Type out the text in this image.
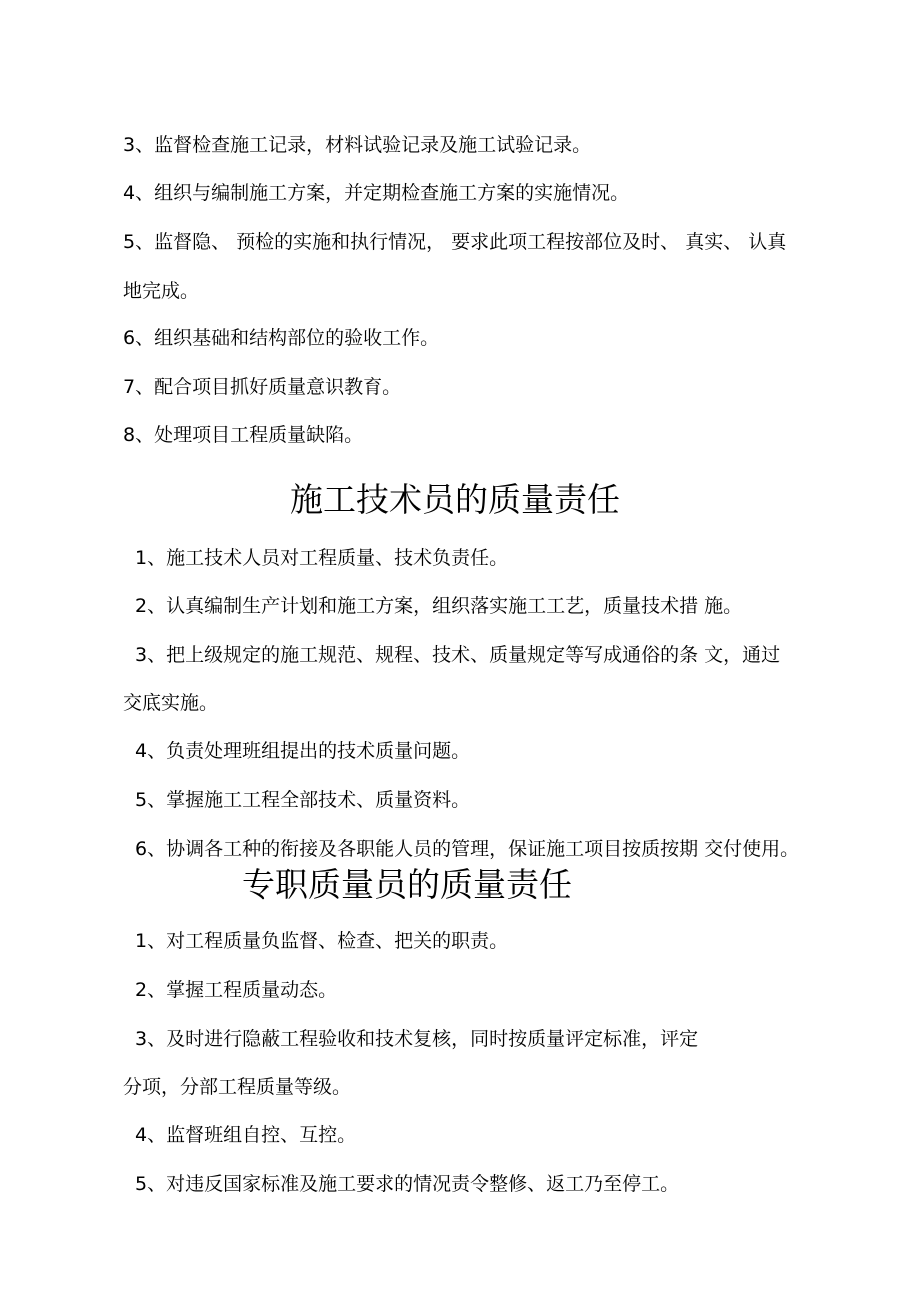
3、监督检查施工记录，材料试验记录及施工试验记录。
4、组织与编制施工方案，并定期检查施工方案的实施情况。
5、监督隐、 预检的实施和执行情况， 要求此项工程按部位及时、 真实、 认真
地完成。
6、组织基础和结构部位的验收工作。
7、配合项目抓好质量意识教育。
8、处理项目工程质量缺陷。
施工技术员的质量责任
1、施工技术人员对工程质量、技术负责任。
2、认真编制生产计划和施工方案，组织落实施工工艺，质量技术措 施。
3、把上级规定的施工规范、规程、技术、质量规定等写成通俗的条 文，通过
交底实施。
4、负责处理班组提出的技术质量问题。
5、掌握施工工程全部技术、质量资料。
6、协调各工种的衔接及各职能人员的管理，保证施工项目按质按期 交付使用。
专职质量员的质量责任
1、对工程质量负监督、检查、把关的职责。
2、掌握工程质量动态。
3、及时进行隐蔽工程验收和技术复核，同时按质量评定标准，评定
分项，分部工程质量等级。
4、监督班组自控、互控。
5、对违反国家标准及施工要求的情况责令整修、返工乃至停工。
